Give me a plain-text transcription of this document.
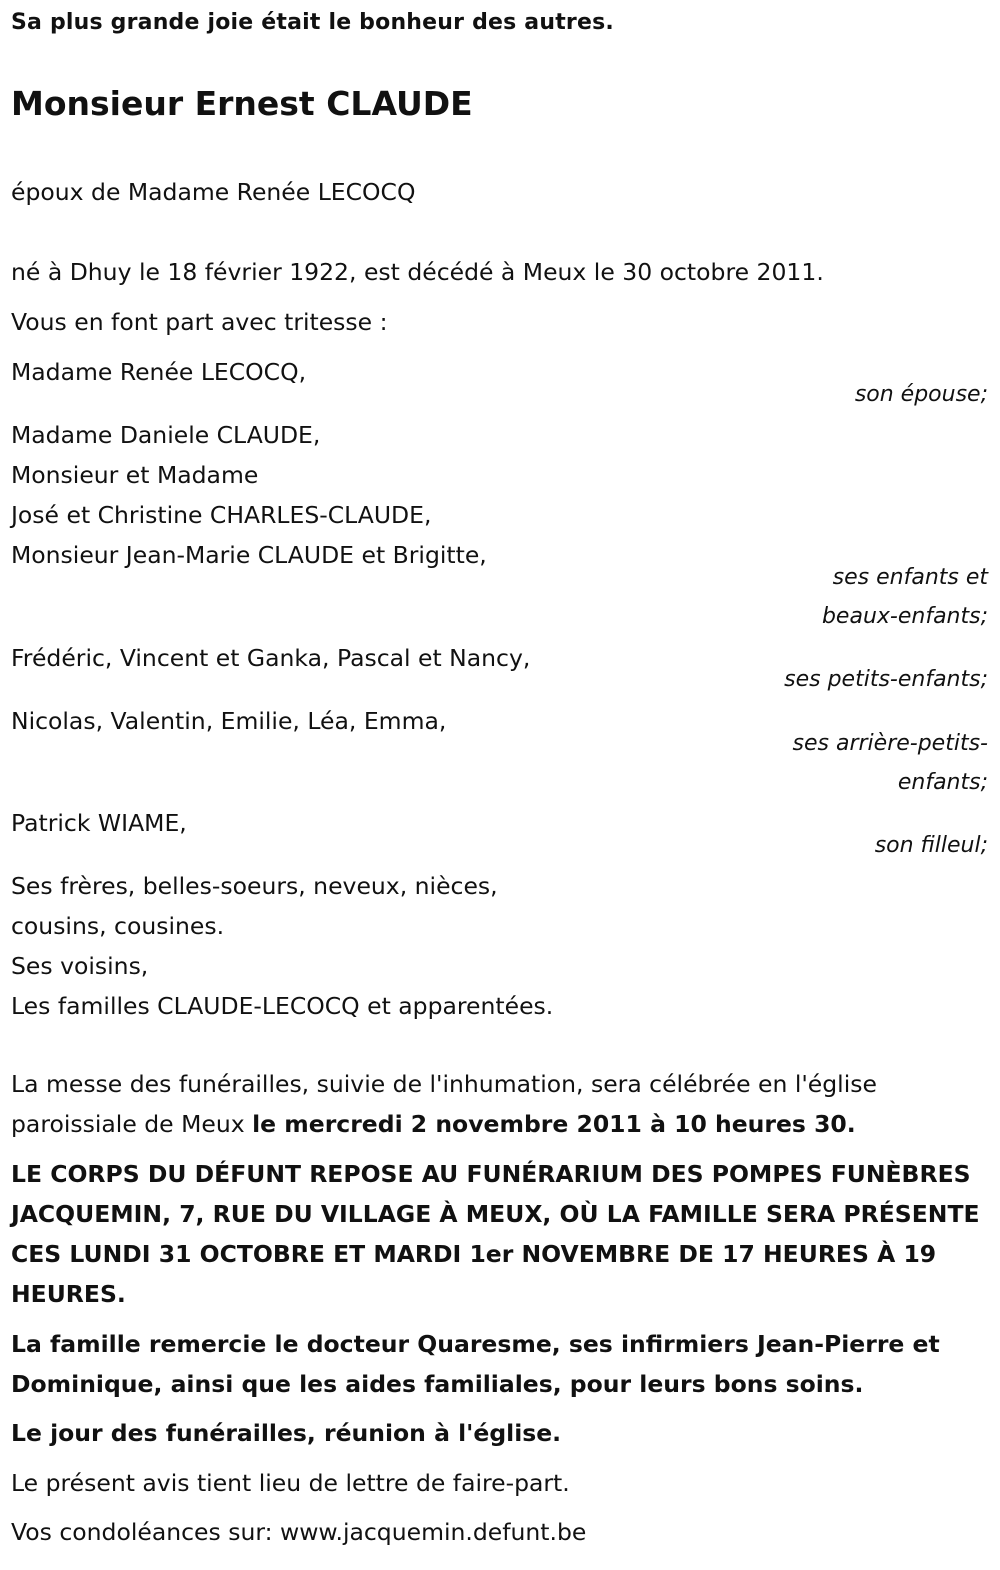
Sa plus grande joie était le bonheur des autres.
Monsieur Ernest CLAUDE
époux de Madame Renée LECOCQ
né à Dhuy le 18 février 1922, est décédé à Meux le 30 octobre 2011.
Vous en font part avec tritesse :
Madame Renée LECOCQ,
son épouse;
Madame Daniele CLAUDE,
Monsieur et Madame
José et Christine CHARLES-CLAUDE,
Monsieur Jean-Marie CLAUDE et Brigitte,
ses enfants et
beaux-enfants;
Frédéric, Vincent et Ganka, Pascal et Nancy,
ses petits-enfants;
Nicolas, Valentin, Emilie, Léa, Emma,
ses arrière-petits-
enfants;
Patrick WIAME,
son filleul;
Ses frères, belles-soeurs, neveux, nièces,
cousins, cousines.
Ses voisins,
Les familles CLAUDE-LECOCQ et apparentées.
La messe des funérailles, suivie de l'inhumation, sera célébrée en l'église paroissiale de Meux le mercredi 2 novembre 2011 à 10 heures 30.
LE CORPS DU DÉFUNT REPOSE AU FUNÉRARIUM DES POMPES FUNÈBRES JACQUEMIN, 7, RUE DU VILLAGE À MEUX, OÙ LA FAMILLE SERA PRÉSENTE CES LUNDI 31 OCTOBRE ET MARDI 1er NOVEMBRE DE 17 HEURES À 19 HEURES.
La famille remercie le docteur Quaresme, ses infirmiers Jean-Pierre et Dominique, ainsi que les aides familiales, pour leurs bons soins.
Le jour des funérailles, réunion à l'église.
Le présent avis tient lieu de lettre de faire-part.
Vos condoléances sur: www.jacquemin.defunt.be
